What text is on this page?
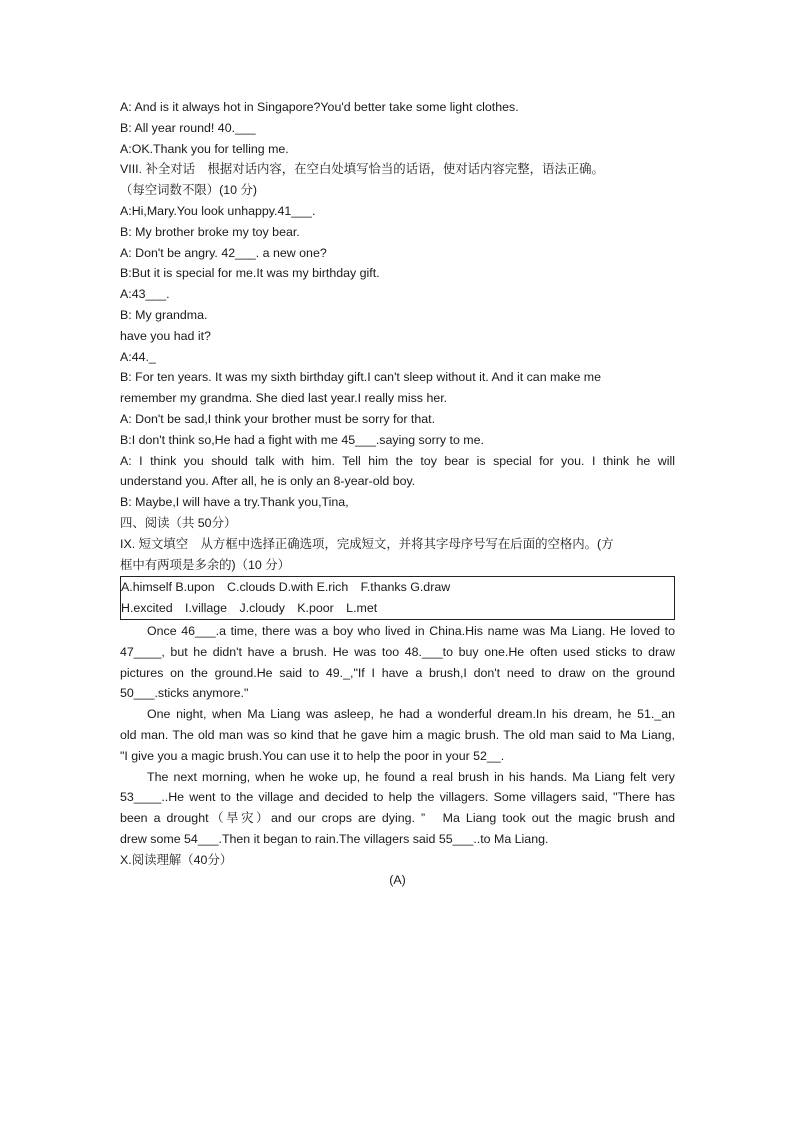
A: And is it always hot in Singapore?You'd better take some light clothes.
B: All year round! 40.___
A:OK.Thank you for telling me.
VIII. 补全对话　根据对话内容，在空白处填写恰当的话语，使对话内容完整，语法正确。
（每空词数不限）(10 分)
A:Hi,Mary.You look unhappy.41___.
B: My brother broke my toy bear.
A: Don't be angry. 42___. a new one?
B:But it is special for me.It was my birthday gift.
A:43___.
B: My grandma.
have you had it?
A:44._
B: For ten years. It was my sixth birthday gift.I can't sleep without it. And it can make me
remember my grandma. She died last year.I really miss her.
A: Don't be sad,I think your brother must be sorry for that.
B:I don't think so,He had a fight with me 45___.saying sorry to me.
A: I think you should talk with him. Tell him the toy bear is special for you. I think he will
understand you. After all, he is only an 8-year-old boy.
B: Maybe,I will have a try.Thank you,Tina,
四、阅读（共 50分）
IX. 短文填空　从方框中选择正确选项，完成短文，并将其字母序号写在后面的空格内。(方
框中有两项是多余的)（10 分）
A.himself B.upon　C.clouds D.with E.rich　F.thanks G.draw
H.excited　I.village　J.cloudy　K.poor　L.met
Once 46___.a time, there was a boy who lived in China.His name was Ma Liang. He loved to
47____, but he didn't have a brush. He was too 48.___to buy one.He often used sticks to draw
pictures on the ground.He said to 49._,"If I have a brush,I don't need to draw on the ground
50___.sticks anymore."
One night, when Ma Liang was asleep, he had a wonderful dream.In his dream, he 51._an
old man. The old man was so kind that he gave him a magic brush. The old man said to Ma Liang,
"I give you a magic brush.You can use it to help the poor in your 52__.
The next morning, when he woke up, he found a real brush in his hands. Ma Liang felt very
53____..He went to the village and decided to help the villagers. Some villagers said, "There has
been a drought（旱灾）and our crops are dying. ”　Ma Liang took out the magic brush and
drew some 54___.Then it began to rain.The villagers said 55___..to Ma Liang.
X.阅读理解（40分）
(A)
